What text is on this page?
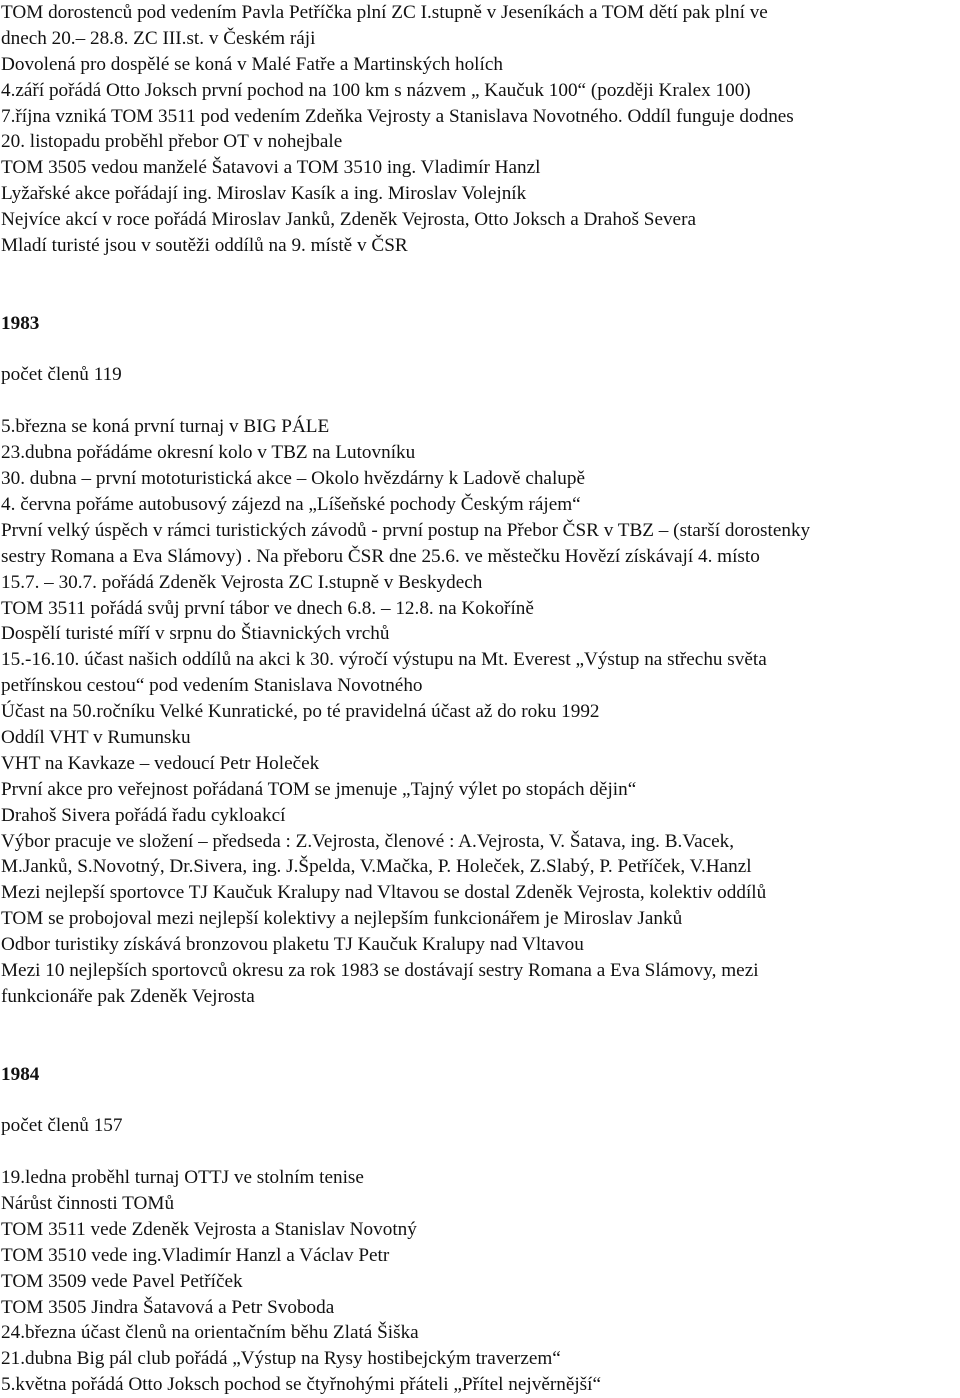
TOM dorostenců pod vedením Pavla Petříčka plní ZC I.stupně v Jeseníkách a TOM dětí pak plní ve
dnech 20.– 28.8. ZC III.st. v Českém ráji
Dovolená pro dospělé se koná v Malé Fatře a Martinských holích
4.září pořádá Otto Joksch první pochod na 100 km s názvem „ Kaučuk 100“ (později Kralex 100)
7.října vzniká TOM 3511 pod vedením Zdeňka Vejrosty a Stanislava Novotného. Oddíl funguje dodnes
20. listopadu proběhl přebor OT v nohejbale
TOM 3505 vedou manželé Šatavovi a TOM 3510 ing. Vladimír Hanzl
Lyžařské akce pořádají ing. Miroslav Kasík a ing. Miroslav Volejník
Nejvíce akcí v roce pořádá Miroslav Janků, Zdeněk Vejrosta, Otto Joksch a Drahoš Severa
Mladí turisté jsou v soutěži oddílů na 9. místě v ČSR
1983
počet členů 119
5.března se koná první turnaj v BIG PÁLE
23.dubna pořádáme okresní kolo v TBZ na Lutovníku
30. dubna – první mototuristická akce – Okolo hvězdárny k Ladově chalupě
4. června pořáme autobusový zájezd na „Líšeňské pochody Českým rájem“
První velký úspěch v rámci turistických závodů - první postup na Přebor ČSR v TBZ – (starší dorostenky
sestry Romana a Eva Slámovy) . Na přeboru ČSR dne 25.6. ve městečku Hovězí získávají 4. místo
15.7. – 30.7. pořádá Zdeněk Vejrosta ZC I.stupně v Beskydech
TOM 3511 pořádá svůj první tábor ve dnech 6.8. – 12.8. na Kokoříně
Dospělí turisté míří v srpnu do Štiavnických vrchů
15.-16.10. účast našich oddílů na akci k 30. výročí výstupu na Mt. Everest „Výstup na střechu světa
petřínskou cestou“ pod vedením Stanislava Novotného
Účast na 50.ročníku Velké Kunratické, po té pravidelná účast až do roku 1992
Oddíl VHT v Rumunsku
VHT na Kavkaze – vedoucí Petr Holeček
První akce pro veřejnost pořádaná TOM se jmenuje „Tajný výlet po stopách dějin“
Drahoš Sivera pořádá řadu cykloakcí
Výbor pracuje ve složení – předseda : Z.Vejrosta, členové : A.Vejrosta, V. Šatava, ing. B.Vacek,
M.Janků, S.Novotný, Dr.Sivera, ing. J.Špelda, V.Mačka, P. Holeček, Z.Slabý, P. Petříček, V.Hanzl
Mezi nejlepší sportovce TJ Kaučuk Kralupy nad Vltavou se dostal Zdeněk Vejrosta, kolektiv oddílů
TOM se probojoval mezi nejlepší kolektivy a nejlepším funkcionářem je Miroslav Janků
Odbor turistiky získává bronzovou plaketu TJ Kaučuk Kralupy nad Vltavou
Mezi 10 nejlepších sportovců okresu za rok 1983 se dostávají sestry Romana a Eva Slámovy, mezi
funkcionáře pak Zdeněk Vejrosta
1984
počet členů 157
19.ledna proběhl turnaj OTTJ ve stolním tenise
Nárůst činnosti TOMů
TOM 3511 vede Zdeněk Vejrosta a Stanislav Novotný
TOM 3510 vede ing.Vladimír Hanzl a Václav Petr
TOM 3509 vede Pavel Petříček
TOM 3505 Jindra Šatavová a Petr Svoboda
24.března účast členů na orientačním běhu Zlatá Šiška
21.dubna Big pál club pořádá „Výstup na Rysy hostibejckým traverzem“
5.května pořádá Otto Joksch pochod se čtyřnohými přáteli „Přítel nejvěrnější“
